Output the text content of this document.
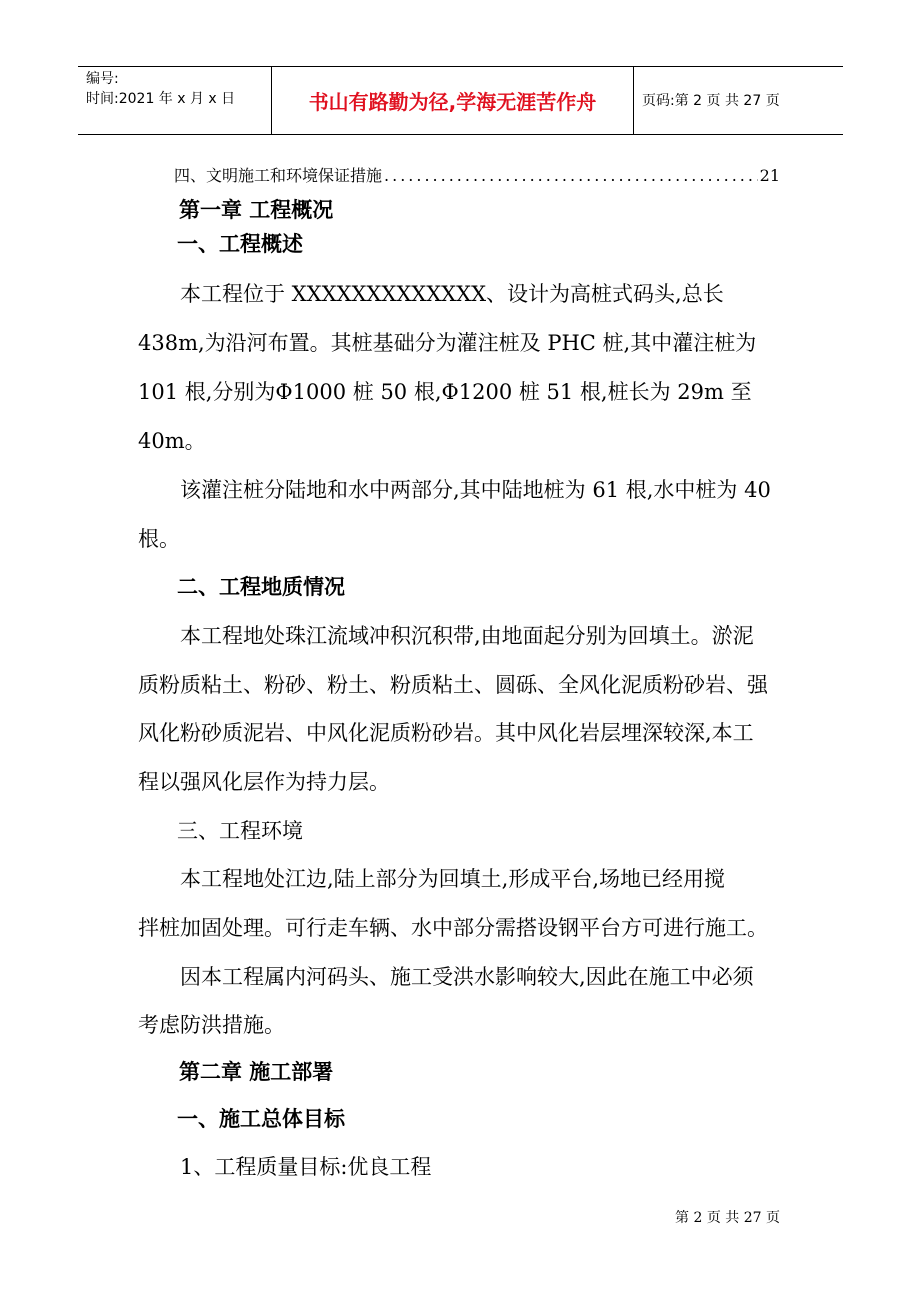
编号:
时间:2021 年 x 月 x 日	书山有路勤为径,学海无涯苦作舟	页码:第 2 页 共 27 页
四、文明施工和环境保证措施
.....	21
第一章 工程概况
一、工程概述
本工程位于 XXXXXXXXXXXXX、设计为高桩式码头,总长
438m,为沿河布置。其桩基础分为灌注桩及 PHC 桩,其中灌注桩为
101 根,分别为Φ1000 桩 50 根,Φ1200 桩 51 根,桩长为 29m 至
40m。
该灌注桩分陆地和水中两部分,其中陆地桩为 61 根,水中桩为 40
根。
二、工程地质情况
本工程地处珠江流域冲积沉积带,由地面起分别为回填土。淤泥
质粉质粘土、粉砂、粉土、粉质粘土、圆砾、全风化泥质粉砂岩、强
风化粉砂质泥岩、中风化泥质粉砂岩。其中风化岩层埋深较深,本工
程以强风化层作为持力层。
三、工程环境
本工程地处江边,陆上部分为回填土,形成平台,场地已经用搅
拌桩加固处理。可行走车辆、水中部分需搭设钢平台方可进行施工。
因本工程属内河码头、施工受洪水影响较大,因此在施工中必须
考虑防洪措施。
第二章 施工部署
一、施工总体目标
1、工程质量目标:优良工程
第 2 页 共 27 页
